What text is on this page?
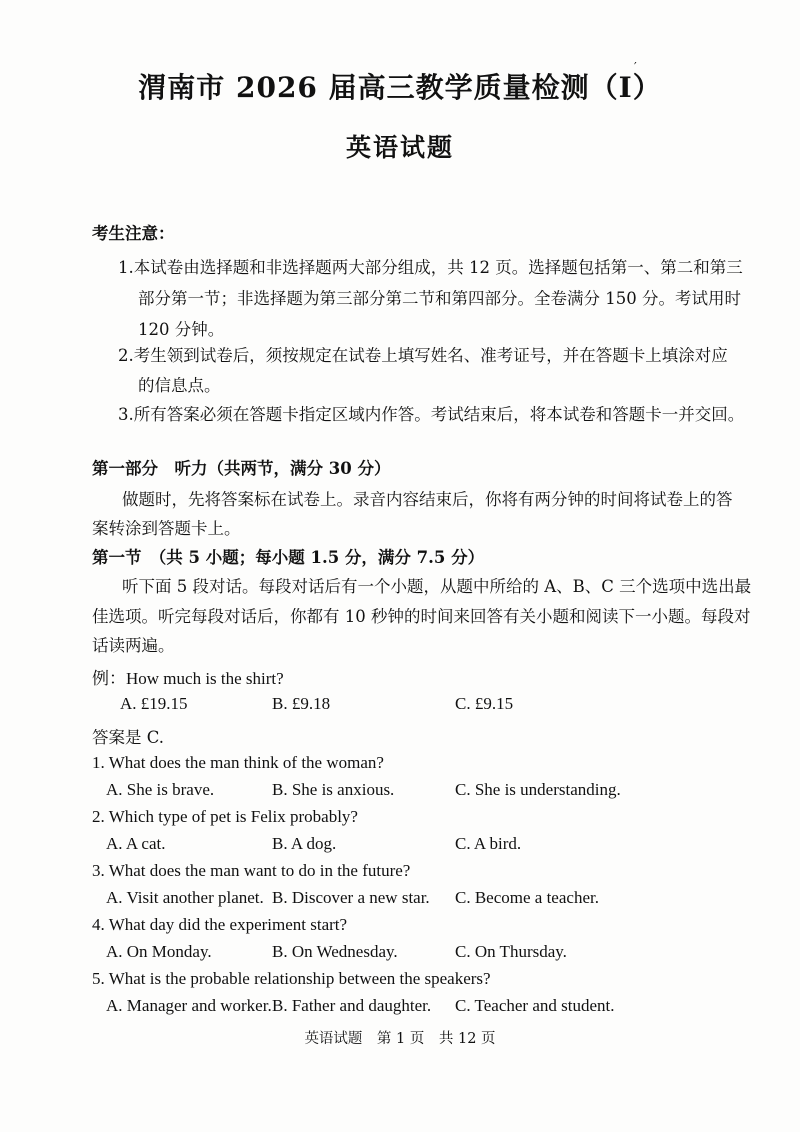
渭南市 2026 届高三教学质量检测（Ⅰ）
′
英语试题
考生注意：
1.本试卷由选择题和非选择题两大部分组成，共 12 页。选择题包括第一、第二和第三
部分第一节；非选择题为第三部分第二节和第四部分。全卷满分 150 分。考试用时
120 分钟。
2.考生领到试卷后，须按规定在试卷上填写姓名、准考证号，并在答题卡上填涂对应
的信息点。
3.所有答案必须在答题卡指定区域内作答。考试结束后，将本试卷和答题卡一并交回。
第一部分　听力（共两节，满分 30 分）
做题时，先将答案标在试卷上。录音内容结束后，你将有两分钟的时间将试卷上的答
案转涂到答题卡上。
第一节　（共 5 小题；每小题 1.5 分，满分 7.5 分）
听下面 5 段对话。每段对话后有一个小题，从题中所给的 A、B、C 三个选项中选出最
佳选项。听完每段对话后，你都有 10 秒钟的时间来回答有关小题和阅读下一小题。每段对
话读两遍。
例：How much is the shirt?
A. £19.15	B. £9.18	C. £9.15
答案是 C.
1. What does the man think of the woman?
A. She is brave.	B. She is anxious.	C. She is understanding.
2. Which type of pet is Felix probably?
A. A cat.	B. A dog.	C. A bird.
3. What does the man want to do in the future?
A. Visit another planet. B. Discover a new star. C. Become a teacher.
4. What day did the experiment start?
A. On Monday.	B. On Wednesday.	C. On Thursday.
5. What is the probable relationship between the speakers?
A. Manager and worker. B. Father and daughter. C. Teacher and student.
英语试题　第 1 页　共 12 页
